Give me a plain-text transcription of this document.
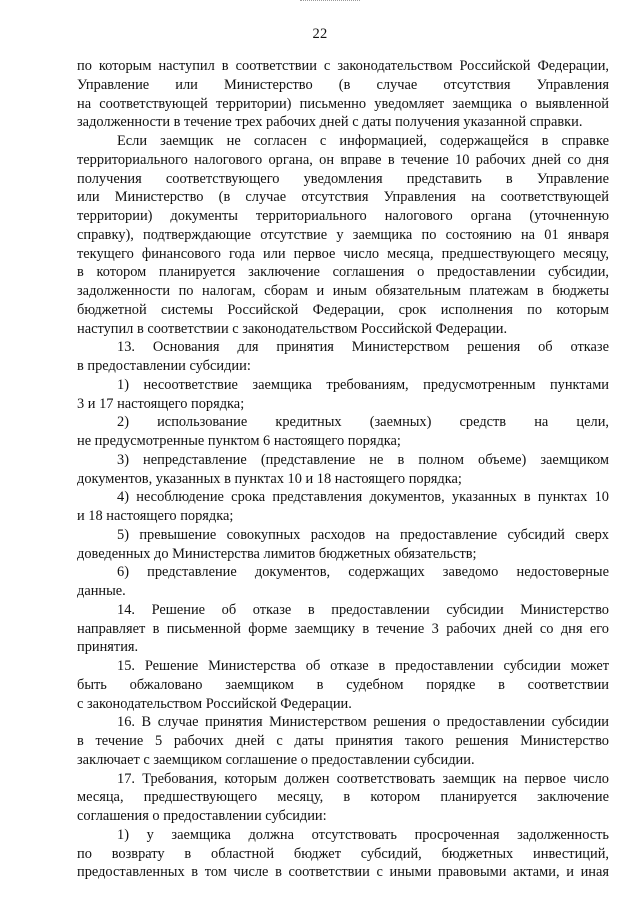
22

по которым наступил в соответствии с законодательством Российской Федерации,

Управление или Министерство (в случае отсутствия Управления

на соответствующей территории) письменно уведомляет заемщика о выявленной

задолженности в течение трех рабочих дней с даты получения указанной справки.

Если заемщик не согласен с информацией, содержащейся в справке

территориального налогового органа, он вправе в течение 10 рабочих дней со дня

получения соответствующего уведомления представить в Управление

или Министерство (в случае отсутствия Управления на соответствующей

территории) документы территориального налогового органа (уточненную

справку), подтверждающие отсутствие у заемщика по состоянию на 01 января

текущего финансового года или первое число месяца, предшествующего месяцу,

в котором планируется заключение соглашения о предоставлении субсидии,

задолженности по налогам, сборам и иным обязательным платежам в бюджеты

бюджетной системы Российской Федерации, срок исполнения по которым

наступил в соответствии с законодательством Российской Федерации.

13. Основания для принятия Министерством решения об отказе

в предоставлении субсидии:

1) несоответствие заемщика требованиям, предусмотренным пунктами

3 и 17 настоящего порядка;

2) использование кредитных (заемных) средств на цели,

не предусмотренные пунктом 6 настоящего порядка;

3) непредставление (представление не в полном объеме) заемщиком

документов, указанных в пунктах 10 и 18 настоящего порядка;

4) несоблюдение срока представления документов, указанных в пунктах 10

и 18 настоящего порядка;

5) превышение совокупных расходов на предоставление субсидий сверх

доведенных до Министерства лимитов бюджетных обязательств;

6) представление документов, содержащих заведомо недостоверные

данные.

14. Решение об отказе в предоставлении субсидии Министерство

направляет в письменной форме заемщику в течение 3 рабочих дней со дня его

принятия.

15. Решение Министерства об отказе в предоставлении субсидии может

быть обжаловано заемщиком в судебном порядке в соответствии

с законодательством Российской Федерации.

16. В случае принятия Министерством решения о предоставлении субсидии

в течение 5 рабочих дней с даты принятия такого решения Министерство

заключает с заемщиком соглашение о предоставлении субсидии.

17. Требования, которым должен соответствовать заемщик на первое число

месяца, предшествующего месяцу, в котором планируется заключение

соглашения о предоставлении субсидии:

1) у заемщика должна отсутствовать просроченная задолженность

по возврату в областной бюджет субсидий, бюджетных инвестиций,

предоставленных в том числе в соответствии с иными правовыми актами, и иная
